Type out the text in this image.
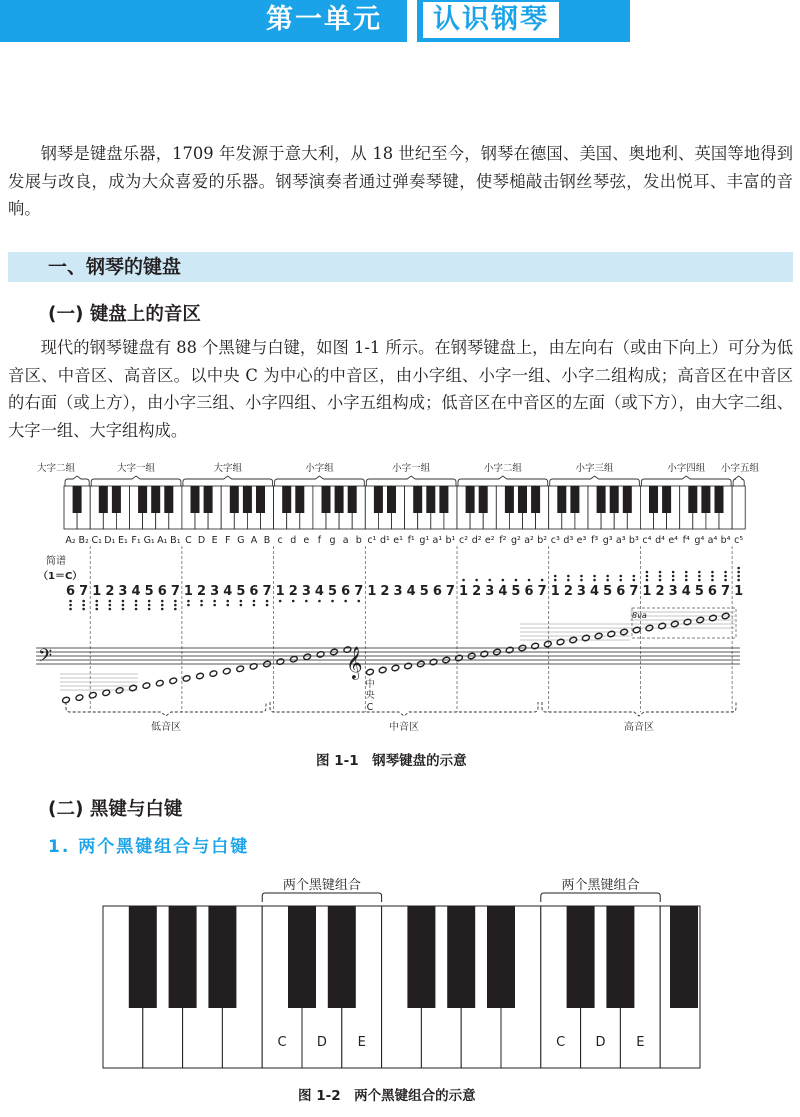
第一单元	认识钢琴
钢琴是键盘乐器，1709 年发源于意大利，从 18 世纪至今，钢琴在德国、美国、奥地利、英国等地得到发展与改良，成为大众喜爱的乐器。钢琴演奏者通过弹奏琴键，使琴槌敲击钢丝琴弦，发出悦耳、丰富的音响。
一、钢琴的键盘
(一) 键盘上的音区
现代的钢琴键盘有 88 个黑键与白键，如图 1-1 所示。在钢琴键盘上，由左向右（或由下向上）可分为低音区、中音区、高音区。以中央 C 为中心的中音区，由小字组、小字一组、小字二组构成；高音区在中音区的右面（或上方），由小字三组、小字四组、小字五组构成；低音区在中音区的左面（或下方），由大字二组、大字一组、大字组构成。
大字二组	大字一组	大字组	小字组	小字一组	小字二组	小字三组	小字四组 小字五组
A₂ B₂ C₁ D₁ E₁ F₁ G₁ A₁ B₁ C D E F G A B c d e f g a b c¹ d¹ e¹ f¹ g¹ a¹ b¹ c² d² e² f² g² a² b² c³ d³ e³ f³ g³ a³ b³ c⁴ d⁴ e⁴ f⁴ g⁴ a⁴ b⁴ c⁵
简谱
（1＝C）
6 7 1 2 3 4 5 6 7 1 2 3 4 5 6 7 1 2 3 4 5 6 7 1 2 3 4 5 6 7 1 2 3 4 5 6 7 1 2 3 4 5 6 7 1 2 3 4 5 6 7 1
𝄢	𝄞
8va
中
央
C
低音区	中音区	高音区
图 1-1　钢琴键盘的示意
(二) 黑键与白键
1. 两个黑键组合与白键
C D E	C D E
两个黑键组合	两个黑键组合
图 1-2　两个黑键组合的示意
